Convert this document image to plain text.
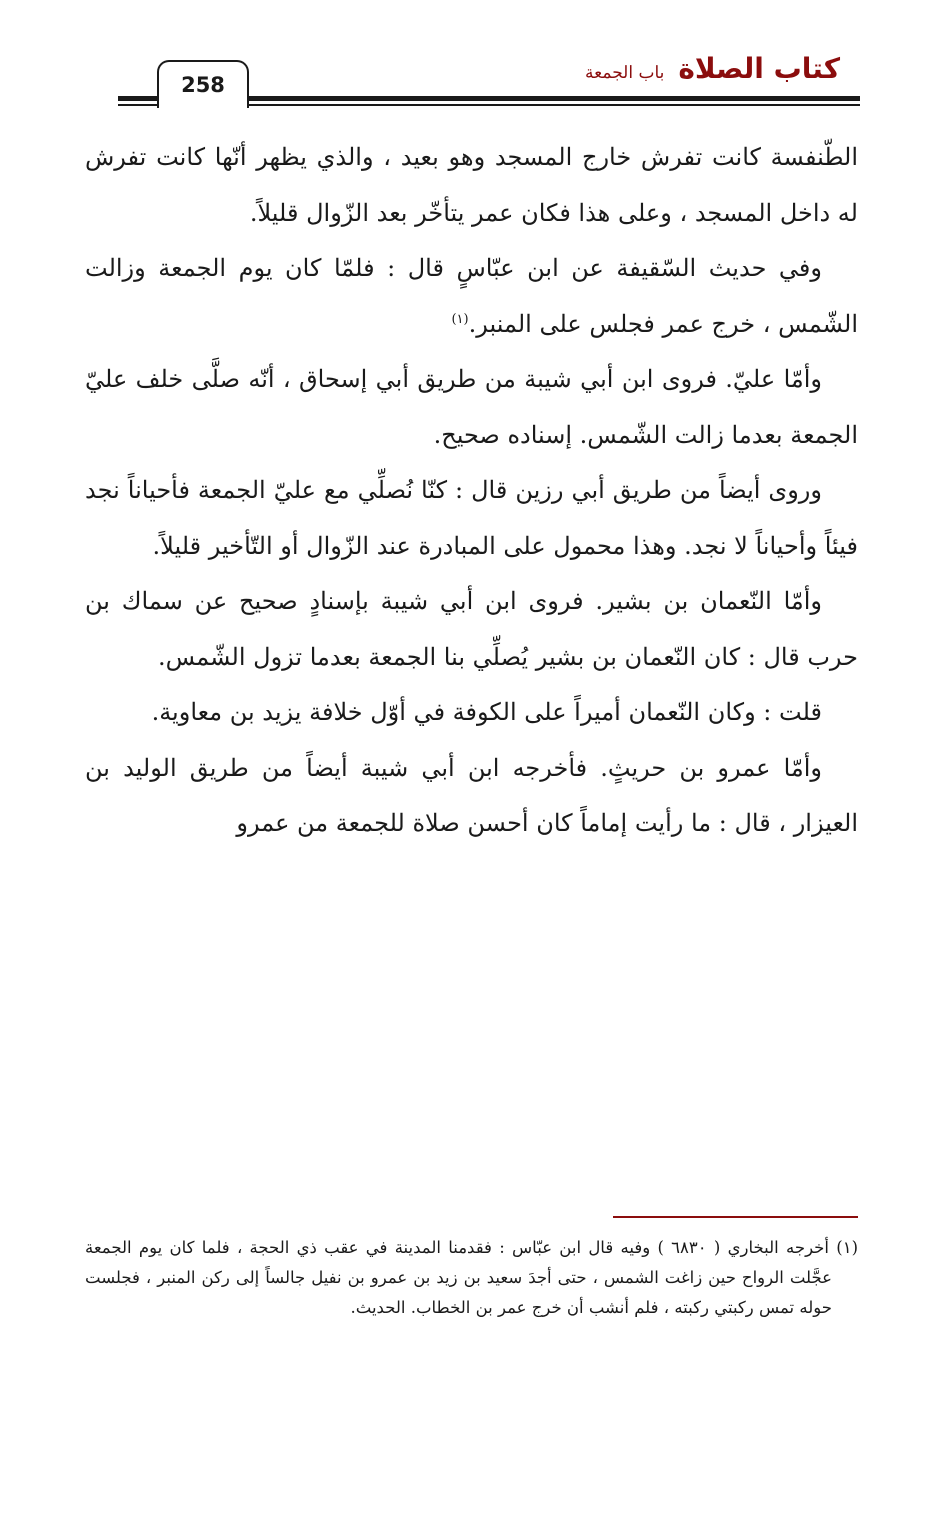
258	كتاب الصلاة
باب الجمعة

الطّنفسة كانت تفرش خارج المسجد وهو بعيد ، والذي يظهر أنّها كانت تفرش له داخل المسجد ، وعلى هذا فكان عمر يتأخّر بعد الزّوال قليلاً.

وفي حديث السّقيفة عن ابن عبّاسٍ قال : فلمّا كان يوم الجمعة وزالت الشّمس ، خرج عمر فجلس على المنبر.$^{(١)}$

وأمّا عليّ. فروى ابن أبي شيبة من طريق أبي إسحاق ، أنّه صلَّى خلف عليّ الجمعة بعدما زالت الشّمس. إسناده صحيح.

وروى أيضاً من طريق أبي رزين قال : كنّا نُصلِّي مع عليّ الجمعة فأحياناً نجد فيئاً وأحياناً لا نجد. وهذا محمول على المبادرة عند الزّوال أو التّأخير قليلاً.

وأمّا النّعمان بن بشير. فروى ابن أبي شيبة بإسنادٍ صحيح عن سماك بن حرب قال : كان النّعمان بن بشير يُصلِّي بنا الجمعة بعدما تزول الشّمس.

قلت : وكان النّعمان أميراً على الكوفة في أوّل خلافة يزيد بن معاوية.

وأمّا عمرو بن حريثٍ. فأخرجه ابن أبي شيبة أيضاً من طريق الوليد بن العيزار ، قال : ما رأيت إماماً كان أحسن صلاة للجمعة من عمرو

(١) أخرجه البخاري ( ٦٨٣٠ ) وفيه قال ابن عبّاس : فقدمنا المدينة في عقب ذي الحجة ، فلما كان يوم الجمعة عجَّلت الرواح حين زاغت الشمس ، حتى أجدَ سعيد بن زيد بن عمرو بن نفيل جالساً إلى ركن المنبر ، فجلست حوله تمس ركبتي ركبته ، فلم أنشب أن خرج عمر بن الخطاب. الحديث.
